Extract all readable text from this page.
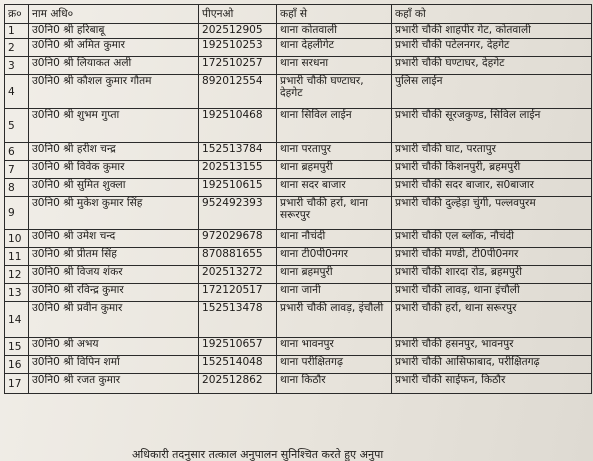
क्र०	नाम अधि०	पीएनओ	कहाँ से	कहाँ को
1	उ0नि0 श्री हरिबाबू	202512905	थाना कोतवाली	प्रभारी चौकी शाहपीर गेट, कोतवाली
2	उ0नि0 श्री अमित कुमार	192510253	थाना देहलीगेट	प्रभारी चौकी पटेलनगर, देहगेट
3	उ0नि0 श्री लियाकत अली	172510257	थाना सरधना	प्रभारी चौकी घण्टाघर, देहगेट
4	उ0नि0 श्री कौशल कुमार गौतम	892012554	प्रभारी चौकी घण्टाघर, देहगेट	पुलिस लाईन
5	उ0नि0 श्री शुभम गुप्ता	192510468	थाना सिविल लाईन	प्रभारी चौकी सूरजकुण्ड, सिविल लाईन
6	उ0नि0 श्री हरीश चन्द्र	152513784	थाना परतापुर	प्रभारी चौकी घाट, परतापुर
7	उ0नि0 श्री विवेक कुमार	202513155	थाना ब्रहमपुरी	प्रभारी चौकी किशनपुरी, ब्रहमपुरी
8	उ0नि0 श्री सुमित शुक्ला	192510615	थाना सदर बाजार	प्रभारी चौकी सदर बाजार, स0बाजार
9	उ0नि0 श्री मुकेश कुमार सिंह	952492393	प्रभारी चौकी हर्रा, थाना सरूरपुर	प्रभारी चौकी दुल्हेड़ा चुंगी, पल्लवपुरम
10	उ0नि0 श्री उमेश चन्द	972029678	थाना नौचंदी	प्रभारी चौकी एल ब्लॉक, नौचंदी
11	उ0नि0 श्री प्रीतम सिंह	870881655	थाना टी0पी0नगर	प्रभारी चौकी मण्डी, टी0पी0नगर
12	उ0नि0 श्री विजय शंकर	202513272	थाना ब्रहमपुरी	प्रभारी चौकी शारदा रोड, ब्रहमपुरी
13	उ0नि0 श्री रविन्द्र कुमार	172120517	थाना जानी	प्रभारी चौकी लावड़, थाना इंचौली
14	उ0नि0 श्री प्रवीन कुमार	152513478	प्रभारी चौकी लावड़, इंचौली	प्रभारी चौकी हर्रा, थाना सरूरपुर
15	उ0नि0 श्री अभय	192510657	थाना भावनपुर	प्रभारी चौकी हसनपुर, भावनपुर
16	उ0नि0 श्री विपिन शर्मा	152514048	थाना परीक्षितगढ़	प्रभारी चौकी आसिफाबाद, परीक्षितगढ़
17	उ0नि0 श्री रजत कुमार	202512862	थाना किठौर	प्रभारी चौकी साईफन, किठौर
अधिकारी तदनुसार तत्काल अनुपालन सुनिश्चित करते हुए अनुपा
